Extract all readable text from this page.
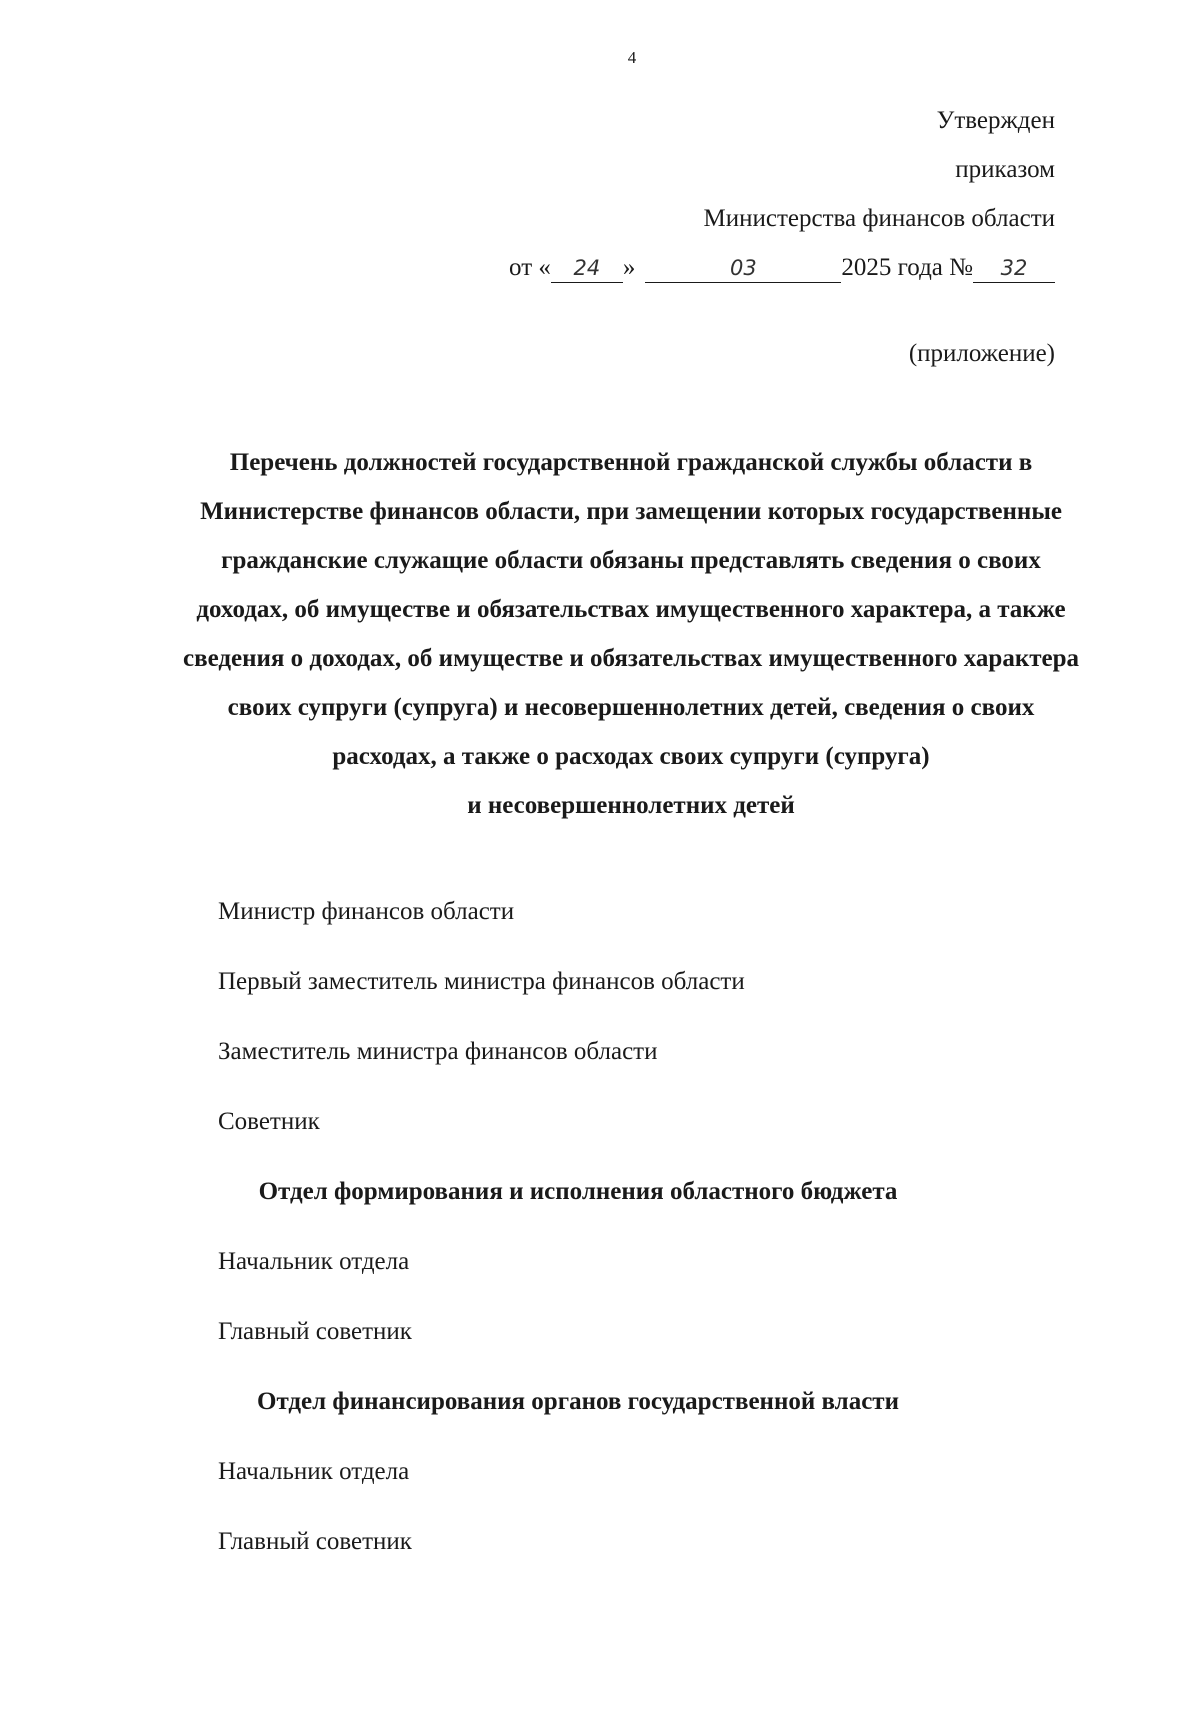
4
Утвержден
приказом
Министерства финансов области
от « 24 »	03	2025 года № 32
(приложение)
Перечень должностей государственной гражданской службы области в
Министерстве финансов области, при замещении которых государственные
гражданские служащие области обязаны представлять сведения о своих
доходах, об имуществе и обязательствах имущественного характера, а также
сведения о доходах, об имуществе и обязательствах имущественного характера
своих супруги (супруга) и несовершеннолетних детей, сведения о своих
расходах, а также о расходах своих супруги (супруга)
и несовершеннолетних детей
Министр финансов области
Первый заместитель министра финансов области
Заместитель министра финансов области
Советник
Отдел формирования и исполнения областного бюджета
Начальник отдела
Главный советник
Отдел финансирования органов государственной власти
Начальник отдела
Главный советник
